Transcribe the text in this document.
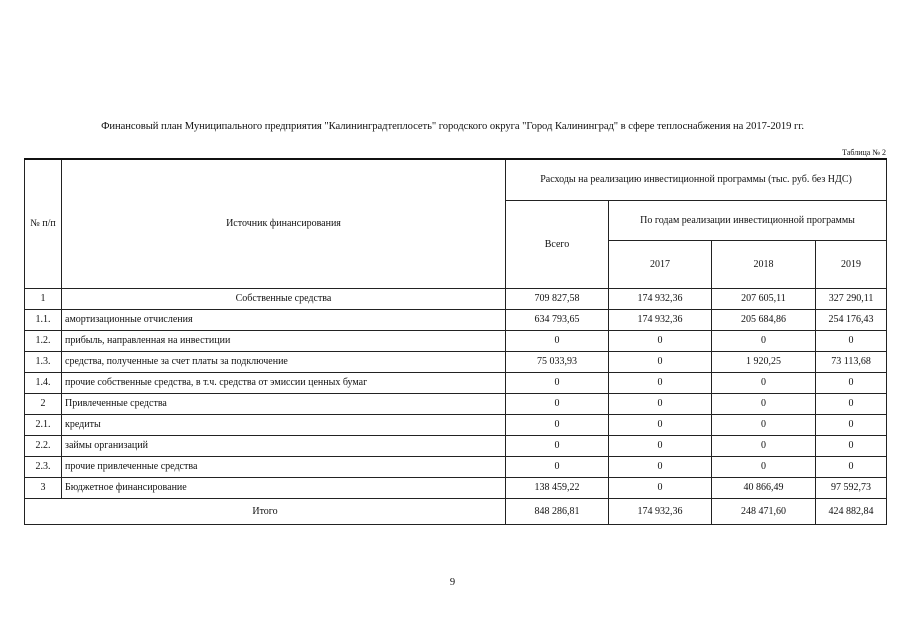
Финансовый план Муниципального предприятия "Калининградтеплосеть" городского округа "Город Калининград" в сфере теплоснабжения на 2017-2019 гг.
Таблица № 2
№ п/п	Источник финансирования	Расходы на реализацию инвестиционной программы (тыс. руб. без НДС)			
		Всего	По годам реализации инвестиционной программы		
			2017	2018	2019
1	Собственные средства	709 827,58	174 932,36	207 605,11	327 290,11
1.1.	амортизационные отчисления	634 793,65	174 932,36	205 684,86	254 176,43
1.2.	прибыль, направленная на инвестиции	0	0	0	0
1.3.	средства, полученные за счет платы за подключение	75 033,93	0	1 920,25	73 113,68
1.4.	прочие собственные средства, в т.ч. средства от эмиссии ценных бумаг	0	0	0	0
2	Привлеченные средства	0	0	0	0
2.1.	кредиты	0	0	0	0
2.2.	займы организаций	0	0	0	0
2.3.	прочие привлеченные средства	0	0	0	0
3	Бюджетное финансирование	138 459,22	0	40 866,49	97 592,73
Итого		848 286,81	174 932,36	248 471,60	424 882,84
9
